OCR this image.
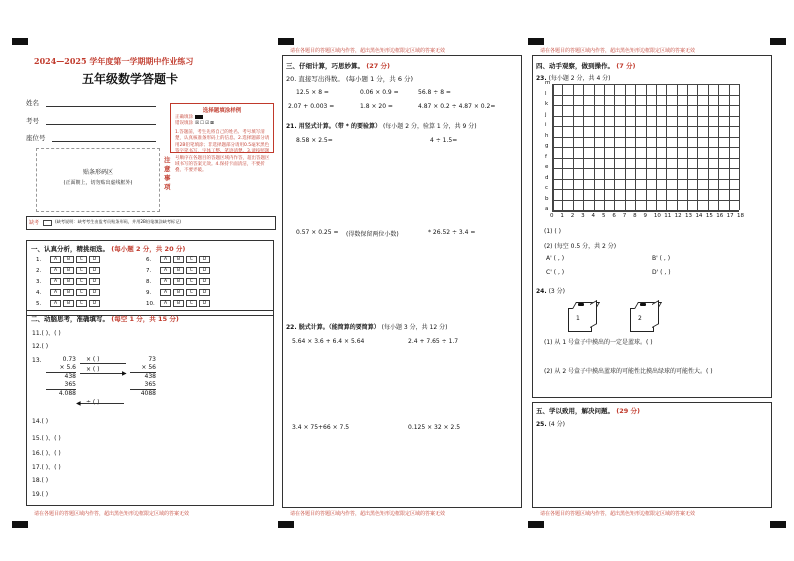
2024—2025 学年度第一学期期中作业练习
五年级数学答题卡
姓名
考号
座位号
选择题填涂样例
正确填涂
错误填涂 ☒☐☑⊠
贴条形码区
(正面朝上，切勿贴出虚线框外)
注意事项
1.答题前，考生先将自己的姓名、考号填写清楚，认真核准条形码上的信息。2.选择题部分请用2B铅笔填涂；非选择题部分请用0.5毫米黑色签字笔书写，字体工整、笔迹清楚。3.请按照题号顺序在各题目的答题区域内作答，超出答题区域书写的答案无效。4.保持卡面清洁，不要折叠、不要弄破。
缺考	(缺考说明：缺考考生由监考员贴条形码，并用2B铅笔填涂缺考标记)
一、认真分析，精挑细选。 (每小题 2 分，共 20 分)
1.	A	B	C	D
2.	A	B	C	D
3.	A	B	C	D
4.	A	B	C	D
5.	A	B	C	D
6.	A	B	C	D
7.	A	B	C	D
8.	A	B	C	D
9.	A	B	C	D
10.	A	B	C	D
二、动脑思考，准确填写。 (每空 1 分，共 15 分)
11.( )、( )
12.( )
13.	0.73
× 5.6
438
365
4.088
× ( )
× ( )
▶
÷ ( )
◀
73
× 56
438
365
4088
14.( )
15.( )、( )
16.( )、( )
17.( )、( )
18.( )
19.( )
请在各题目的答题区域内作答，超出黑色矩形边框限定区域的答案无效
请在各题目的答题区域内作答，超出黑色矩形边框限定区域的答案无效
三、仔细计算，巧思妙算。 (27 分)
20. 直接写出得数。 (每小题 1 分，共 6 分)
12.5 × 8 =	0.06 × 0.9 =	56.8 ÷ 8 =
2.07 + 0.003 =	1.8 × 20 =	4.87 × 0.2 ÷ 4.87 × 0.2=
21. 用竖式计算。（带 * 的要验算） (每小题 2 分，验算 1 分，共 9 分)
8.58 × 2.5=	4 ÷ 1.5=
0.57 × 0.25 = (得数保留两位小数)	* 26.52 ÷ 3.4 =
22. 脱式计算。（能简算的要简算） (每小题 3 分，共 12 分)
5.64 × 3.6 + 6.4 × 5.64	2.4 + 7.65 ÷ 1.7
3.4 × 75+66 × 7.5	0.125 × 32 × 2.5
请在各题目的答题区域内作答，超出黑色矩形边框限定区域的答案无效
请在各题目的答题区域内作答，超出黑色矩形边框限定区域的答案无效
四、动手观察，做到操作。 (7 分)
23. (每小题 2 分，共 4 分)
m
l
k
j
i
h
g
f
e
d
c
b
a
0 1 2 3 4 5 6 7 8 9 10 11 12 13 14 15 16 17 18
(1) ( )
(2) (每空 0.5 分，共 2 分)
A' ( , )	B' ( , )
C' ( , )	D' ( , )
24. (3 分)
1	2
(1) 从 1 号盒子中摸出的一定是蓝球。( )
(2) 从 2 号盒子中摸出蓝球的可能性比摸出绿球的可能性大。( )
五、学以致用，解决问题。 (29 分)
25. (4 分)
请在各题目的答题区域内作答，超出黑色矩形边框限定区域的答案无效
